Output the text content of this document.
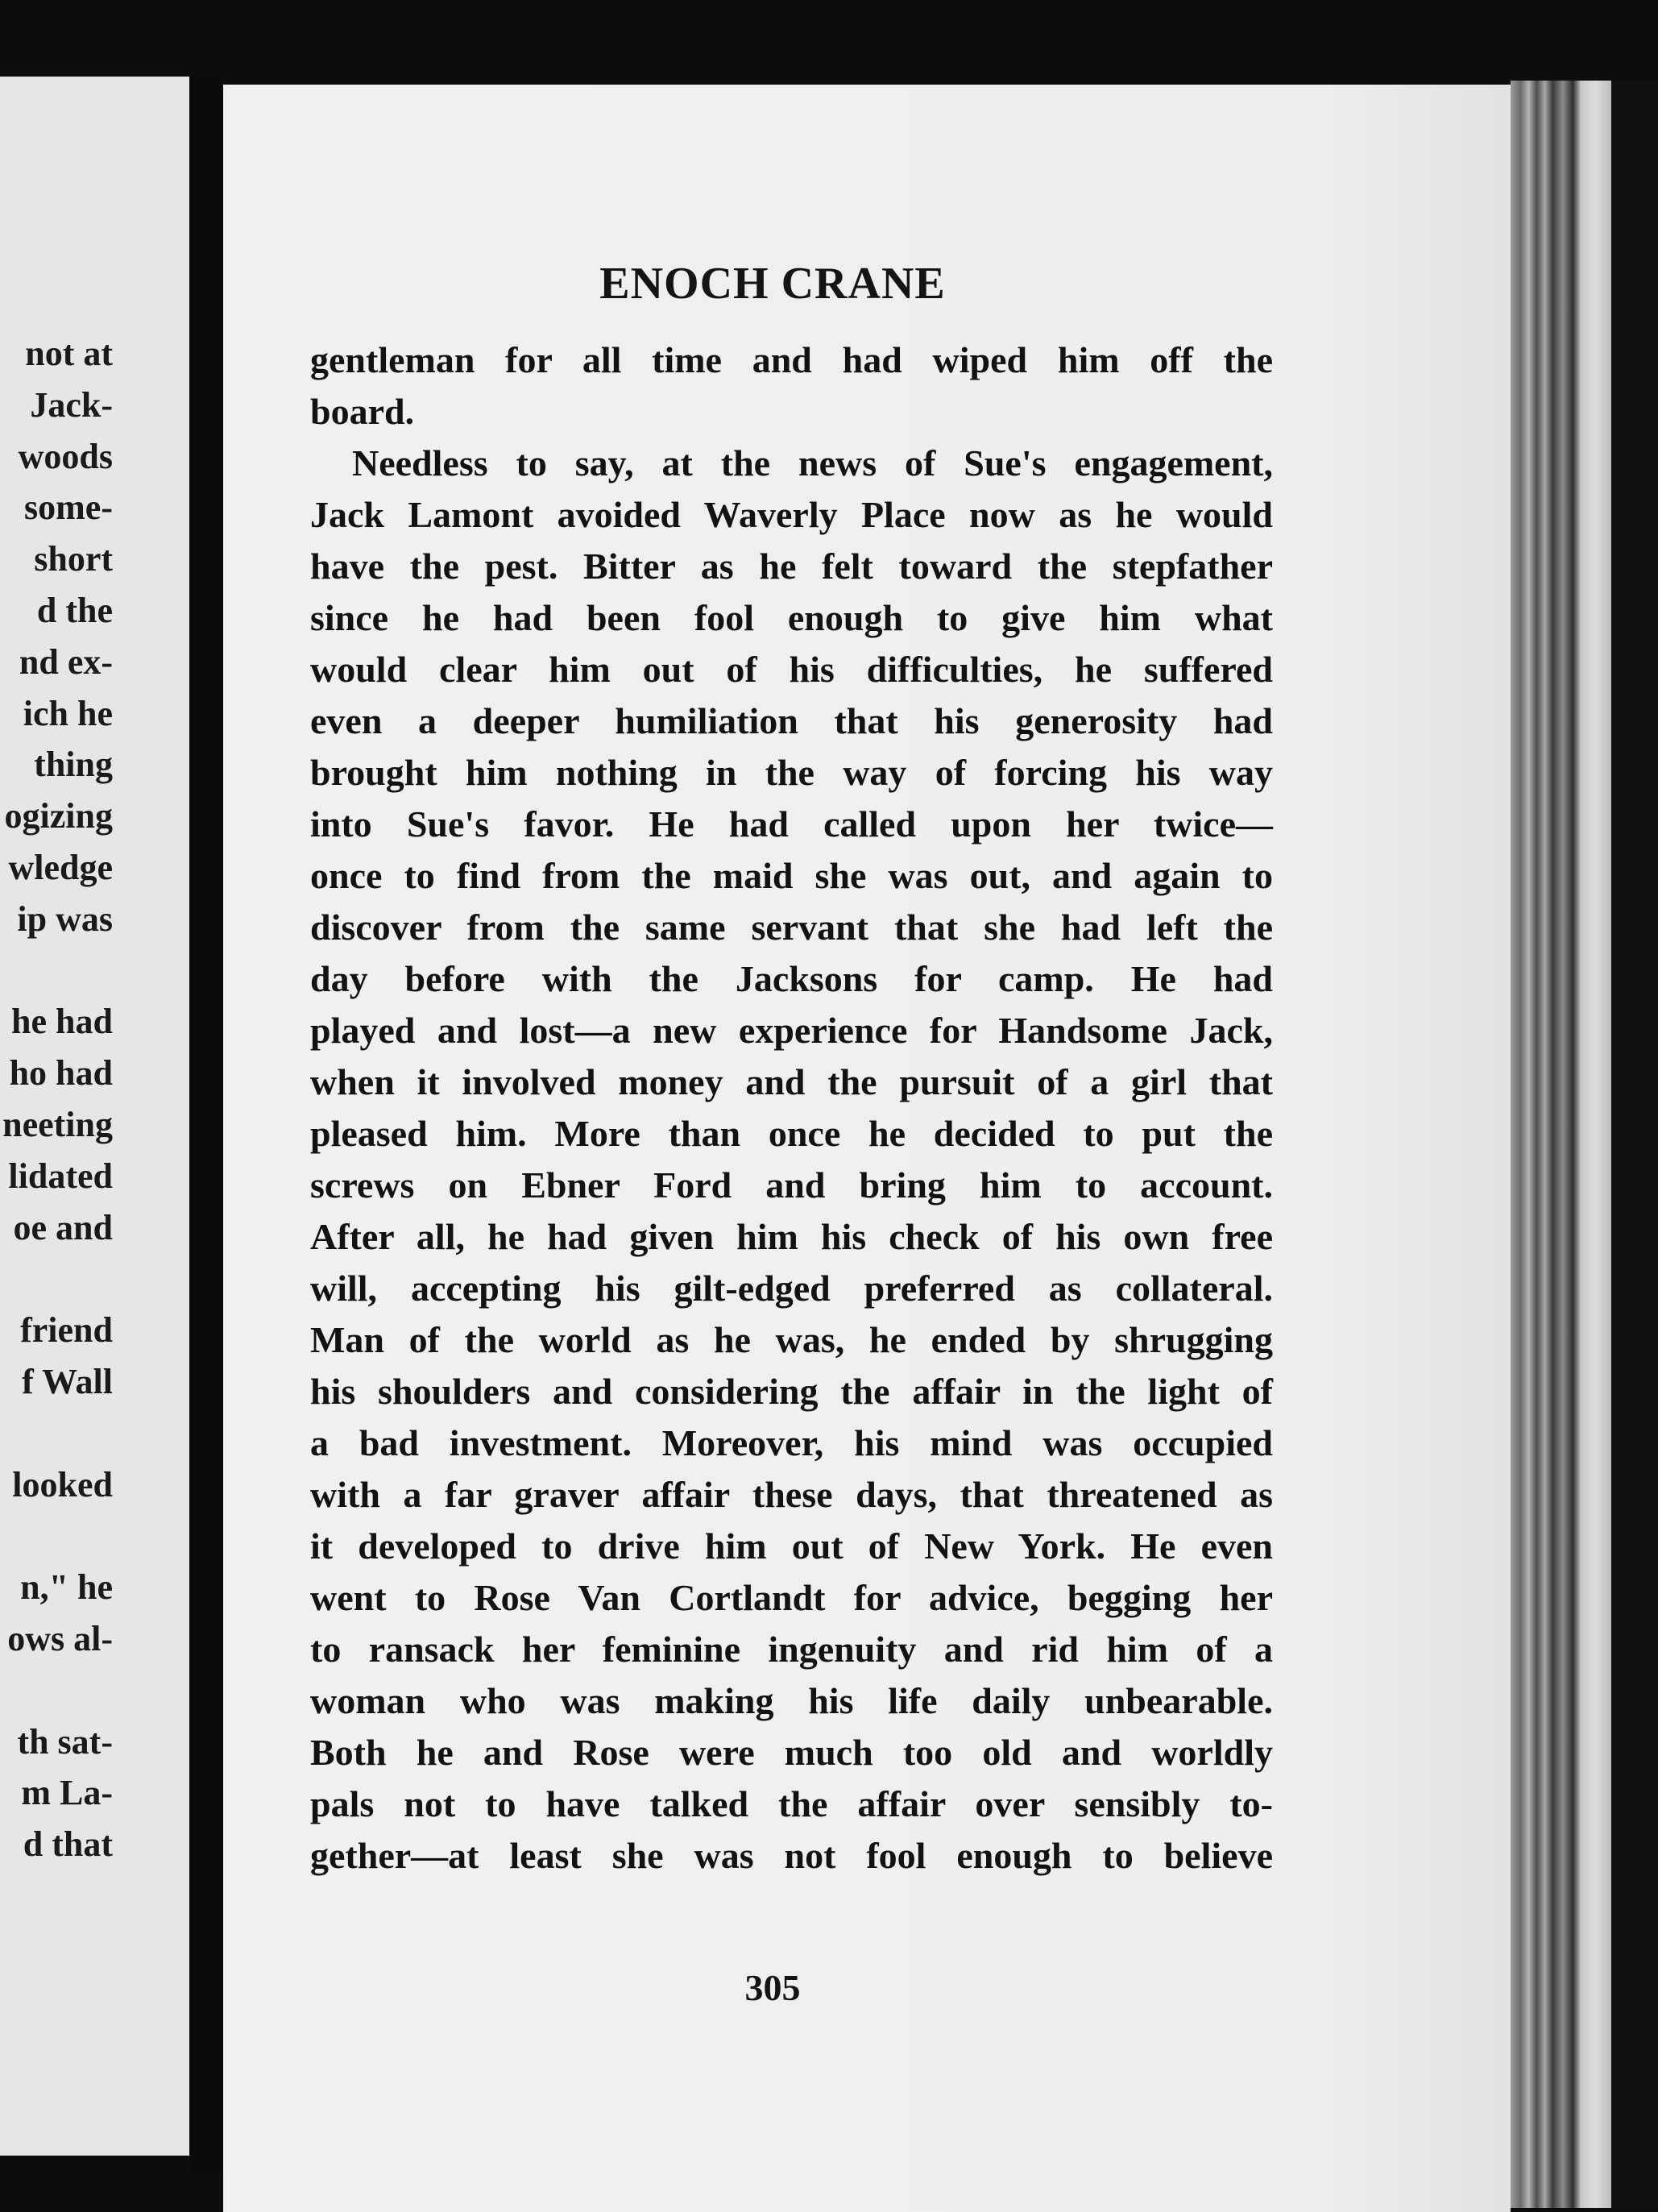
not at
Jack-
woods
some-
short
d the
nd ex-
ich he
thing
ogizing
wledge
ip was
he had
ho had
neeting
lidated
oe and
friend
f Wall
looked
n," he
ows al-
th sat-
m La-
d that
ENOCH CRANE
gentleman for all time and had wiped him off the
board.
Needless to say, at the news of Sue's engagement,
Jack Lamont avoided Waverly Place now as he would
have the pest. Bitter as he felt toward the stepfather
since he had been fool enough to give him what
would clear him out of his difficulties, he suffered
even a deeper humiliation that his generosity had
brought him nothing in the way of forcing his way
into Sue's favor. He had called upon her twice—
once to find from the maid she was out, and again to
discover from the same servant that she had left the
day before with the Jacksons for camp. He had
played and lost—a new experience for Handsome Jack,
when it involved money and the pursuit of a girl that
pleased him. More than once he decided to put the
screws on Ebner Ford and bring him to account.
After all, he had given him his check of his own free
will, accepting his gilt-edged preferred as collateral.
Man of the world as he was, he ended by shrugging
his shoulders and considering the affair in the light of
a bad investment. Moreover, his mind was occupied
with a far graver affair these days, that threatened as
it developed to drive him out of New York. He even
went to Rose Van Cortlandt for advice, begging her
to ransack her feminine ingenuity and rid him of a
woman who was making his life daily unbearable.
Both he and Rose were much too old and worldly
pals not to have talked the affair over sensibly to-
gether—at least she was not fool enough to believe
305
